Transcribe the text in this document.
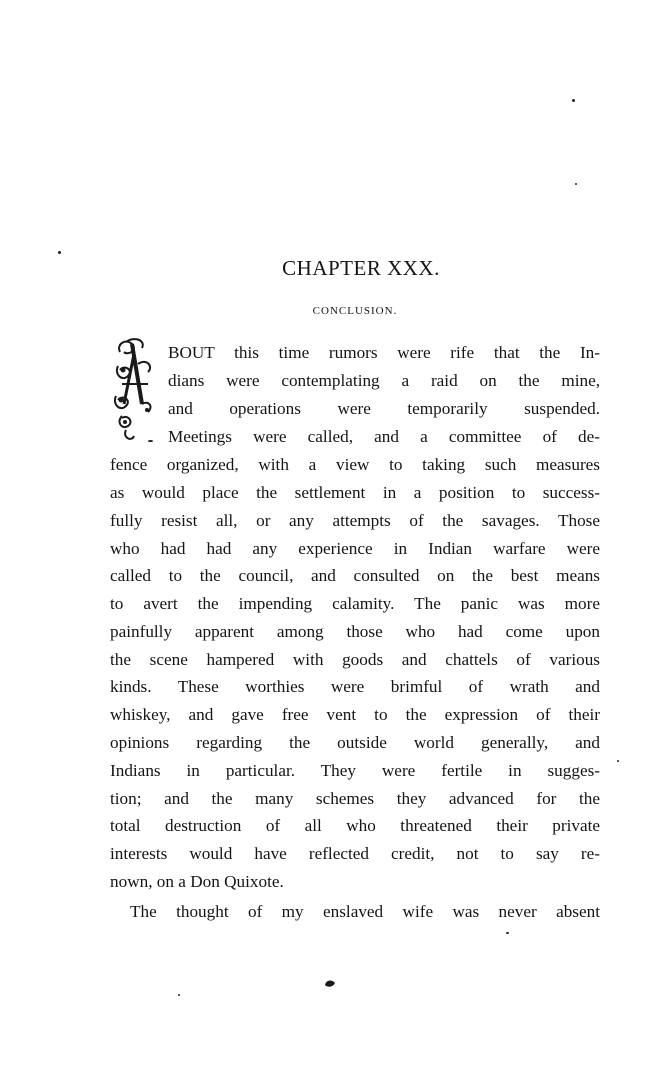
CHAPTER XXX.
CONCLUSION.
BOUT this time rumors were rife that the In-
dians were contemplating a raid on the mine,
and operations were temporarily suspended.
Meetings were called, and a committee of de-
fence organized, with a view to taking such measures
as would place the settlement in a position to success-
fully resist all, or any attempts of the savages. Those
who had had any experience in Indian warfare were
called to the council, and consulted on the best means
to avert the impending calamity. The panic was more
painfully apparent among those who had come upon
the scene hampered with goods and chattels of various
kinds. These worthies were brimful of wrath and
whiskey, and gave free vent to the expression of their
opinions regarding the outside world generally, and
Indians in particular. They were fertile in sugges-
tion; and the many schemes they advanced for the
total destruction of all who threatened their private
interests would have reflected credit, not to say re-
nown, on a Don Quixote.
The thought of my enslaved wife was never absent
